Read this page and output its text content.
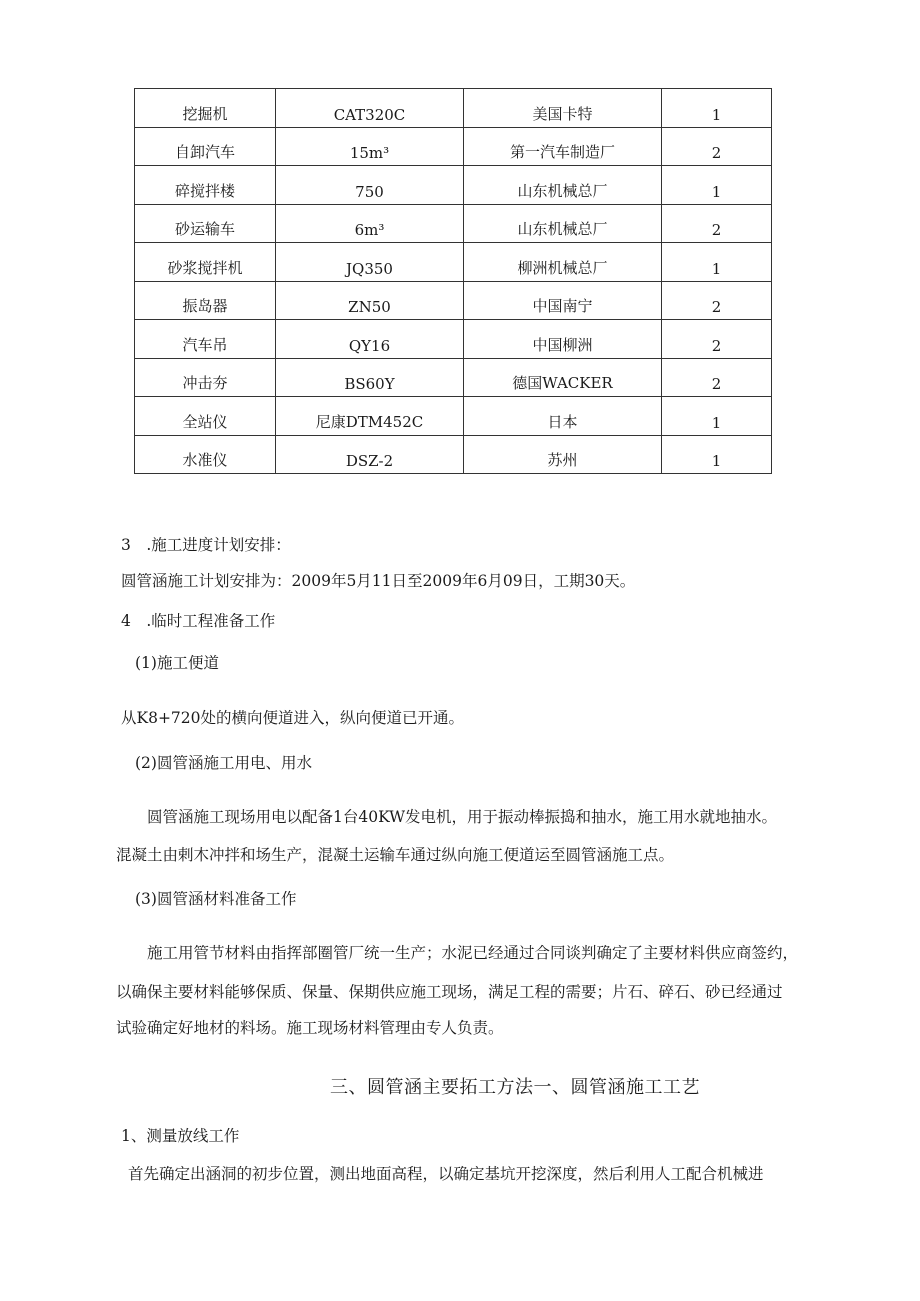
挖掘机	CAT320C	美国卡特	1
自卸汽车	15m³	第一汽车制造厂	2
碎搅拌楼	750	山东机械总厂	1
砂运输车	6m³	山东机械总厂	2
砂浆搅拌机	JQ350	柳洲机械总厂	1
振岛器	ZN50	中国南宁	2
汽车吊	QY16	中国柳洲	2
冲击夯	BS60Y	德国WACKER	2
全站仪	尼康DTM452C	日本	1
水准仪	DSZ-2	苏州	1
3　.施工进度计划安排：
圆管涵施工计划安排为：2009年5月11日至2009年6月09日，工期30天。
4　.临时工程准备工作
(1)施工便道
从K8+720处的横向便道进入，纵向便道已开通。
(2)圆管涵施工用电、用水
圆管涵施工现场用电以配备1台40KW发电机，用于振动棒振捣和抽水，施工用水就地抽水。
混凝土由剌木冲拌和场生产，混凝土运输车通过纵向施工便道运至圆管涵施工点。
(3)圆管涵材料准备工作
施工用管节材料由指挥部圈管厂统一生产；水泥已经通过合同谈判确定了主要材料供应商签约，
以确保主要材料能够保质、保量、保期供应施工现场，满足工程的需要；片石、碎石、砂已经通过
试验确定好地材的料场。施工现场材料管理由专人负责。
三、圆管涵主要拓工方法一、圆管涵施工工艺
1、测量放线工作
首先确定出涵洞的初步位置，测出地面高程，以确定基坑开挖深度，然后利用人工配合机械进
